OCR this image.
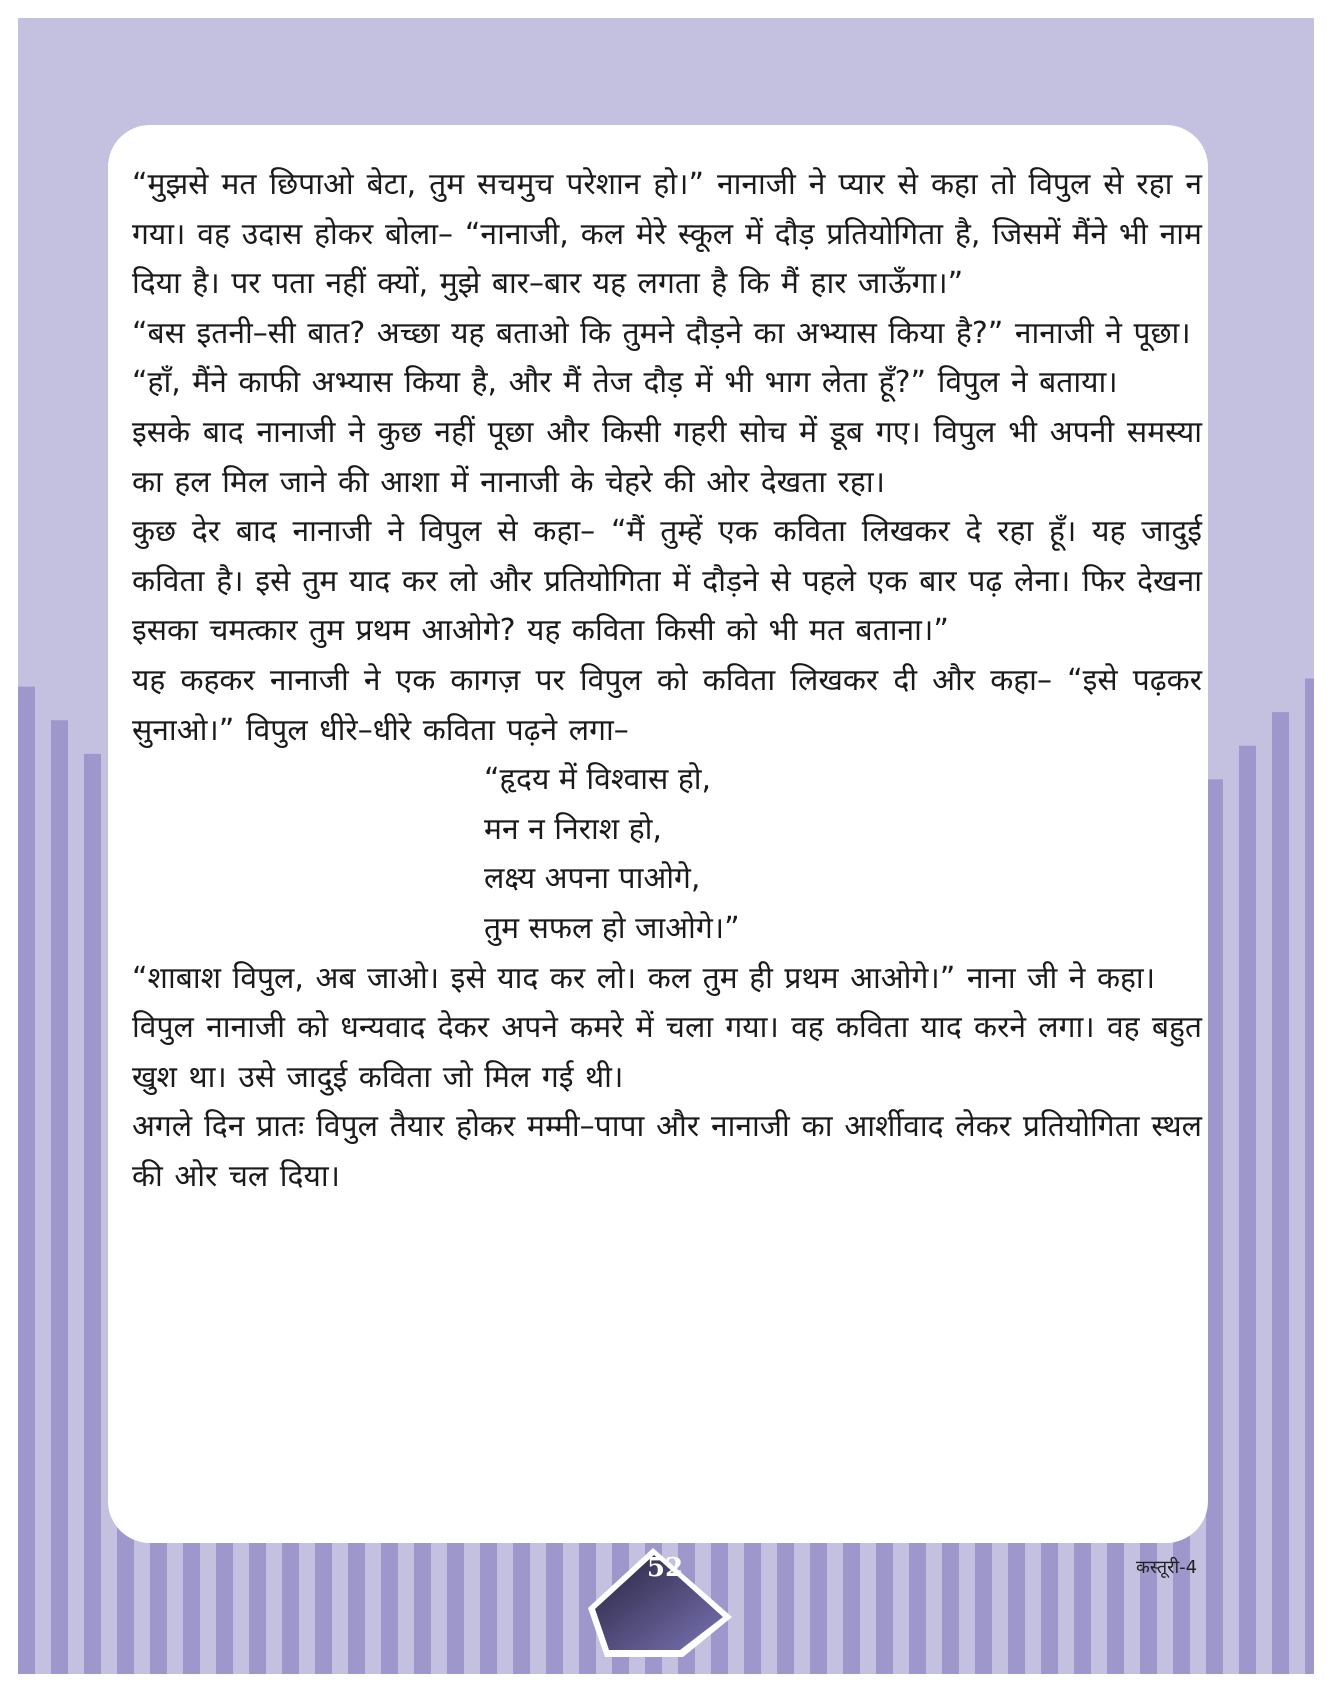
“मुझसे मत छिपाओ बेटा, तुम सचमुच परेशान हो।” नानाजी ने प्यार से कहा तो विपुल से रहा न गया। वह उदास होकर बोला– “नानाजी, कल मेरे स्कूल में दौड़ प्रतियोगिता है, जिसमें मैंने भी नाम दिया है। पर पता नहीं क्यों, मुझे बार–बार यह लगता है कि मैं हार जाऊँगा।”

“बस इतनी–सी बात? अच्छा यह बताओ कि तुमने दौड़ने का अभ्यास किया है?” नानाजी ने पूछा।

“हाँ, मैंने काफी अभ्यास किया है, और मैं तेज दौड़ में भी भाग लेता हूँ?” विपुल ने बताया।

इसके बाद नानाजी ने कुछ नहीं पूछा और किसी गहरी सोच में डूब गए। विपुल भी अपनी समस्या का हल मिल जाने की आशा में नानाजी के चेहरे की ओर देखता रहा।

कुछ देर बाद नानाजी ने विपुल से कहा– “मैं तुम्हें एक कविता लिखकर दे रहा हूँ। यह जादुई कविता है। इसे तुम याद कर लो और प्रतियोगिता में दौड़ने से पहले एक बार पढ़ लेना। फिर देखना इसका चमत्कार तुम प्रथम आओगे? यह कविता किसी को भी मत बताना।”

यह कहकर नानाजी ने एक कागज़ पर विपुल को कविता लिखकर दी और कहा– “इसे पढ़कर सुनाओ।” विपुल धीरे–धीरे कविता पढ़ने लगा–

“हृदय में विश्वास हो,
मन न निराश हो,
लक्ष्य अपना पाओगे,
तुम सफल हो जाओगे।”

“शाबाश विपुल, अब जाओ। इसे याद कर लो। कल तुम ही प्रथम आओगे।” नाना जी ने कहा।

विपुल नानाजी को धन्यवाद देकर अपने कमरे में चला गया। वह कविता याद करने लगा। वह बहुत खुश था। उसे जादुई कविता जो मिल गई थी।

अगले दिन प्रातः विपुल तैयार होकर मम्मी–पापा और नानाजी का आर्शीवाद लेकर प्रतियोगिता स्थल की ओर चल दिया।

52	कस्तूरी-4
